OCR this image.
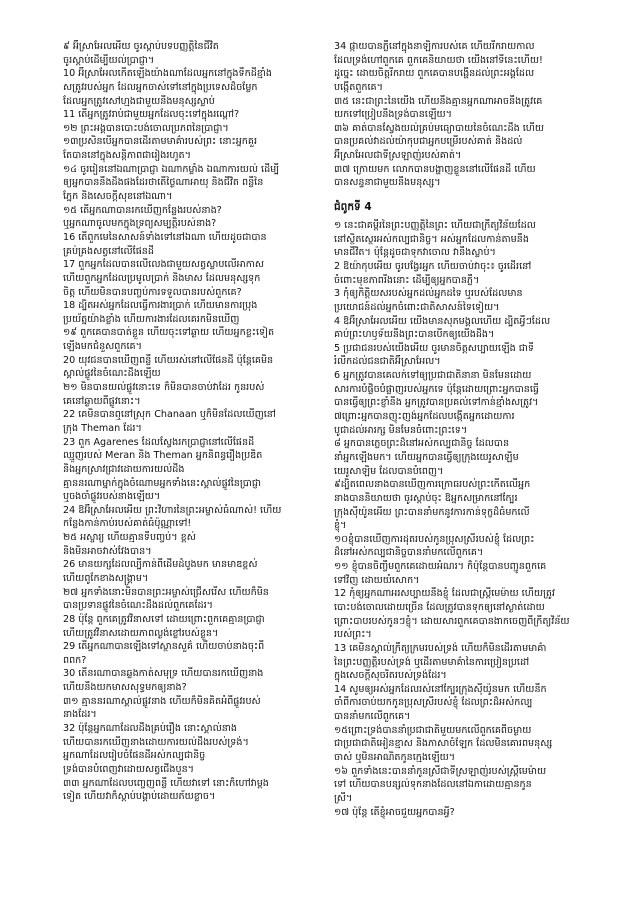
៩ អ៊ីស្រាអែលអើយ ចូរស្តាប់បទបញ្ញត្តិនៃជីវិត
ចូរស្តាប់ដើម្បីយល់ប្រាជ្ញា។
10 អ៊ីស្រាអែលកើតឡើងយ៉ាងណាដែលអ្នកនៅក្នុងទឹកដីខ្មាំង
សត្រូវរបស់អ្នក ដែលអ្នកចាស់ទៅនៅក្នុងប្រទេសដ៏ចម្លែក
ដែលអ្នកត្រូវសៅហ្មងជាមួយនឹងមនុស្សស្លាប់
11 តើអ្នកត្រូវរាប់ជាមួយអ្នកដែលចុះទៅក្នុងរណ្តៅ?
១២ ព្រះអង្គបានបោះបង់ចោលប្រភពនៃប្រាជ្ញា។
១៣ប្រសិនបើអ្នកបានដើរតាមមាគ៌ារបស់ព្រះ នោះអ្នកគួរ
តែបាននៅក្នុងសន្តិភាពជារៀងរហូត។
១៤ ចូររៀននៅឯណាប្រាជ្ញា ឯណាកម្លាំង ឯណាការយល់ ដើម្បី
ឲ្យអ្នកបាននឹងដឹងផងដែរថាតើថ្ងៃណាអាយុ និងជីវិត ពន្លឺនៃ
ភ្នែក និងសេចក្តីសុខនៅឯណា។
១៥ តើអ្នកណាបានរកឃើញកន្លែងរបស់នាង?
ឬអ្នកណាចូលមកក្នុងទ្រព្យសម្បត្តិរបស់នាង?
16 តើពួកមេនៃសាសន៍ទាំងទៅនៅឯណា ហើយដូចជាបាន
គ្រប់គ្រងសត្វនៅលើផែនដី
17 ពួកអ្នកដែលបានលើលេងជាមួយសត្វស្លាបលើអាកាស
ហើយពួកអ្នកដែលប្រមូលប្រាក់ និងមាស ដែលមនុស្សទុក
ចិត្ត ហើយមិនបានបញ្ចប់ការទទួលបានរបស់ពួកគេ?
18 ដ្បិតអស់អ្នកដែលធ្វើការងារប្រាក់ ហើយមានការប្រុង
ប្រយ័ត្នយ៉ាងខ្លាំង ហើយការងារដែលគេរកមិនឃើញ
១៩ ពួកគេបានបាត់ខ្លួន ហើយចុះទៅឆ្ងាយ ហើយអ្នកខ្លះទៀត
ឡើងមកជំនួសពួកគេ។
20 យុវជនបានឃើញពន្លឺ ហើយរស់នៅលើផែនដី ប៉ុន្តែគេមិន
ស្គាល់ផ្លូវនៃចំណេះដឹងឡើយ
២១ មិនបានយល់ផ្លូវនោះទេ ក៏មិនបានចាប់វាដែរ កូនរបស់
គេនៅឆ្ងាយពីផ្លូវនោះ។
22 គេមិនបានឮនៅស្រុក Chanaan ឬក៏មិនដែលឃើញនៅ
ក្រុង Theman ដែរ។
23 ពួក Agarenes ដែលស្វែងរកប្រាជ្ញានៅលើផែនដី
ឈ្មួញរបស់ Meran និង Theman អ្នកនិពន្ធរឿងប្រឌិត
និងអ្នកស្រាវជ្រាវដោយការយល់ដឹង
គ្មាននរណាម្នាក់ក្នុងចំណោមអ្នកទាំងនេះស្គាល់ផ្លូវនៃប្រាជ្ញា
ឬចងចាំផ្លូវរបស់នាងឡើយ។
24 ឱអ៊ីស្រាអែលអើយ ព្រះវិហារនៃព្រះអម្ចាស់ធំណាស់! ហើយ
កន្លែងកាន់កាប់របស់គាត់ធំប៉ុណ្ណាទៅ!
២៥ អស្ចារ្យ ហើយគ្មានទីបញ្ចប់។ ខ្ពស់
និងមិនអាចវាស់វែងបាន។
26 មានយក្សដែលល្បីកាន់ពីដើមដំបូងមក មានមាឌខ្ពស់
ហើយពូកែខាងសង្គ្រាម។
២៧ អ្នកទាំងនោះមិនបានព្រះអម្ចាស់ជ្រើសរើស ហើយក៏មិន
បានប្រទានផ្លូវនៃចំណេះដឹងដល់ពួកគេដែរ។
28 ប៉ុន្តែ ពួកគេត្រូវវិនាសទៅ ដោយព្រោះពួកគេគ្មានប្រាជ្ញា
ហើយត្រូវវិនាសដោយភាពល្ងង់ខ្លៅរបស់ខ្លួន។
29 តើអ្នកណាបានឡើងទៅស្ថានសួគ៌ ហើយចាប់នាងចុះពី
ពពក?
30 តើនរណាបានឆ្លងកាត់សមុទ្រ ហើយបានរកឃើញនាង
ហើយនឹងយកមាសសុទ្ធមកឲ្យនាង?
៣១ គ្មាននរណាស្គាល់ផ្លូវនាង ហើយក៏មិនគិតអំពីផ្លូវរបស់
នាងដែរ។
32 ប៉ុន្តែអ្នកណាដែលដឹងគ្រប់រឿង នោះស្គាល់នាង
ហើយបានរកឃើញនាងដោយការយល់ដឹងរបស់ទ្រង់។
អ្នកណាដែលរៀបចំផែនដីអស់កល្បជានិច្ច
ទ្រង់បានបំពេញវាដោយសត្វជើងបួន។
៣៣ អ្នកណាដែលបញ្ចេញពន្លឺ ហើយវាទៅ នោះក៏ហៅវាម្តង
ទៀត ហើយវាក៏ស្តាប់បង្គាប់ដោយភ័យខ្លាច។
34 ផ្កាយបានភ្លឺនៅក្នុងនាឡិការបស់គេ ហើយរីករាយកាល
ដែលទ្រង់ហៅពួកគេ ពួកគេនិយាយថា យើងនៅទីនេះហើយ!
ដូច្នេះ ដោយចិត្តរីករាយ ពួកគេបានបង្ហើនដល់ព្រះអង្គដែល
បង្កើតពួកគេ។
៣៥ នេះជាព្រះនៃយើង ហើយនឹងគ្មានអ្នកណាអាចនឹងត្រូវគេ
យកទៅប្រៀបនឹងទ្រង់បានឡើយ។
៣៦ គាត់បានស្វែងយល់គ្រប់មធ្យោបាយនៃចំណេះដឹង ហើយ
បានប្រគល់វាដល់យ៉ាកុបជាអ្នកបម្រើរបស់គាត់ និងដល់
អ៊ីស្រាអែលជាទីស្រឡាញ់របស់គាត់។
៣៧ ក្រោយមក លោកបានបង្ហាញខ្លួននៅលើផែនដី ហើយ
បានសន្ទនាជាមួយនឹងមនុស្ស។
ជំពូកទី 4
១ នេះជាគម្ពីរនៃព្រះបញ្ញត្តិនៃព្រះ ហើយជាក្រឹត្យវិន័យដែល
នៅស្ថិតស្ថេរអស់កល្បជានិច្ច។ អស់អ្នកដែលកាន់តាមនឹង
មានជីវិត។ ប៉ុន្តែដូចជាទុកវាចោល វានឹងស្លាប់។
2 ឱយ៉ាកុបអើយ ចូរបង្វែរអ្នក ហើយចាប់វាចុះ៖ ចូរដើរនៅ
ចំពោះមុខភាពរឹងនោះ ដើម្បីឲ្យអ្នកបានភ្លឺ។
3 កុំឲ្យកិត្តិយសរបស់អ្នកដល់អ្នកដទៃ ឬរបស់ដែលមាន
ប្រយោជន៍ដល់អ្នកចំពោះជាតិសាសន៍ទៃទៀយ។
4 ឱអ៊ីស្រាអែលអើយ យើងមានសុភមង្គលហើយ ដ្បិតអ្វីៗដែល
គាប់ព្រះហឫទ័យនឹងព្រះបានបើកឲ្យយើងដឹង។
5 ប្រជាជនរបស់យើងអើយ ចូរមានចិត្តសប្បាយឡើង ជាទី
រំលឹកដល់ជនជាតិអ៊ីស្រាអែល។
6 អ្នកត្រូវបានគេលក់ទៅឲ្យប្រជាជាតិនានា មិនមែនដោយ
សារការបំផ្លិចបំផ្លាញរបស់អ្នកទេ ប៉ុន្តែដោយព្រោះអ្នកបានធ្វើ
បានធ្វើឲ្យព្រះខ្ញាំនឹង អ្នកត្រូវបានប្រគល់ទៅកាន់ខ្មាំងសត្រូវ។
៧ព្រោះអ្នកបានញុះញង់អ្នកដែលបង្កើតអ្នកដោយការ
បូជាដល់អារក្ស មិនមែនចំពោះព្រះទេ។
៨ អ្នកបានភ្លេចព្រះដ៏នៅអស់កល្បជានិច្ច ដែលបាន
នាំអ្នកឡើងមក។ ហើយអ្នកបានធ្វើឲ្យក្រុងយេរូសាឡិម
យេរូសាឡិម ដែលបានបំពេញ។
៩ដ្បិតពេលនាងបានឃើញការក្រោធរបស់ព្រះកើតលើអ្នក
នាងបាននិយាយថា ចូរស្តាប់ចុះ ឱអ្នកសម្រាកនៅក្បែរ
ក្រុងស៊ីយ៉ូនអើយ ព្រះបាននាំមកនូវការកាន់ទុក្ខដ៏ធំមកលើ
ខ្ញុំ។
១០ខ្ញុំបានឃើញការដុតរបស់កូនប្រុសស្រីរបស់ខ្ញុំ ដែលព្រះ
ដ៏នៅអស់កល្បជានិច្ចបាននាំមកលើពួកគេ។
១១ ខ្ញុំបានចិញ្ចឹមពួកគេដោយអំណរ។ ក៏ប៉ុន្តែបានបញ្ជូនពួកគេ
ទៅវិញ ដោយយំសោក។
12 កុំឲ្យអ្នកណាអរសប្បាយនឹងខ្ញុំ ដែលជាស្ត្រីមេម៉ាយ ហើយត្រូវ
បោះបង់ចោលដោយច្រើន ដែលត្រូវបានទុកឲ្យនៅស្ងាត់ដោយ
ព្រោះបាបរបស់កូនៗខ្ញុំ។ ដោយសារពួកគេបានងាកចេញពីក្រឹត្យវិន័យ
របស់ព្រះ។
13 គេមិនស្គាល់ក្រឹត្យក្រមរបស់ទ្រង់ ហើយក៏មិនដើរតាមមាគ៌ា
នៃព្រះបញ្ញត្តិរបស់ទ្រង់ ឬដើរតាមមាគ៌ានៃការប្រៀនប្រដៅ
ក្នុងសេចក្តីសុចរិតរបស់ទ្រង់ដែរ។
14 សូមឲ្យអស់អ្នកដែលរស់នៅក្បែរក្រុងស៊ីយ៉ូនមក ហើយនឹក
ចាំពីការចាប់យកកូនប្រុសស្រីរបស់ខ្ញុំ ដែលព្រះដ៏អស់កល្ប
បាននាំមកលើពួកគេ។
១៥ព្រោះទ្រង់បាននាំប្រជាជាតិមួយមកលើពួកគេពីចម្ងាយ
ជាប្រជាជាតិអៀនខ្មាស និងភាសាចំឡែក ដែលមិនគោរពមនុស្ស
ចាស់ ឬមិនអាណិតកូនក្មេងឡើយ។
១៦ ពួកទាំងនេះបាននាំកូនស្រីជាទីស្រឡាញ់របស់ស្ត្រីមេម៉ាយ
ទៅ ហើយបានបន្សល់ទុកនាងដែលនៅឯកាដោយគ្មានកូន
ស្រី។
១៧ ប៉ុន្តែ តើខ្ញុំអាចជួយអ្នកបានអ្វី?
